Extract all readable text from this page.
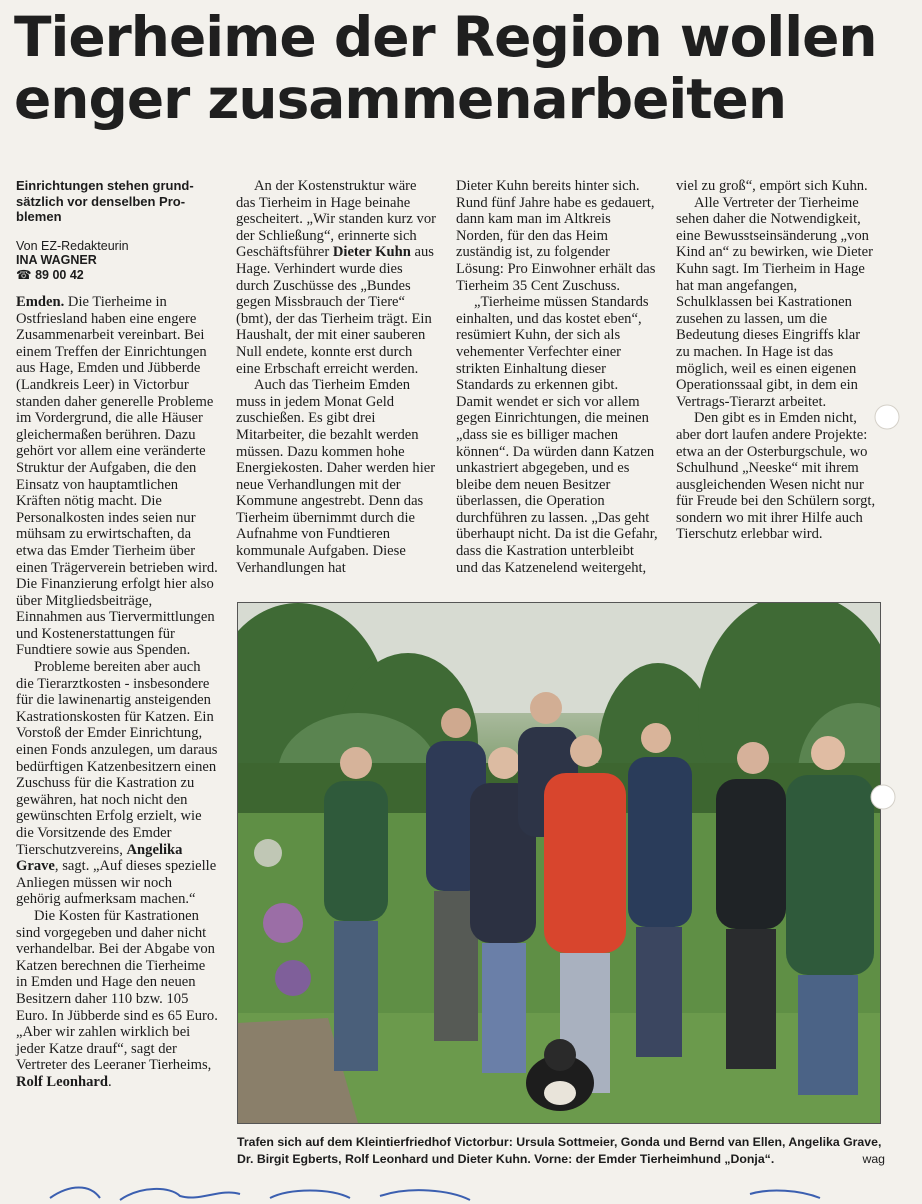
Tierheime der Region wollen
enger zusammenarbeiten
Einrichtungen stehen grund-
sätzlich vor denselben Pro-
blemen
Von EZ-Redakteurin
INA WAGNER
☎ 89 00 42

Emden. Die Tierheime in Ostfriesland haben eine engere Zusammenarbeit vereinbart. Bei einem Treffen der Einrichtungen aus Hage, Emden und Jübberde (Landkreis Leer) in Victorbur standen daher generelle Probleme im Vordergrund, die alle Häuser gleichermaßen berühren. Dazu gehört vor allem eine veränderte Struktur der Aufgaben, die den Einsatz von hauptamtlichen Kräften nötig macht. Die Personalkosten indes seien nur mühsam zu erwirtschaften, da etwa das Emder Tierheim über einen Trägerverein betrieben wird. Die Finanzierung erfolgt hier also über Mitgliedsbeiträge, Einnahmen aus Tiervermittlungen und Kostenerstattungen für Fundtiere sowie aus Spenden.

Probleme bereiten aber auch die Tierarztkosten - insbesondere für die lawinenartig ansteigenden Kastrationskosten für Katzen. Ein Vorstoß der Emder Einrichtung, einen Fonds anzulegen, um daraus bedürftigen Katzenbesitzern einen Zuschuss für die Kastration zu gewähren, hat noch nicht den gewünschten Erfolg erzielt, wie die Vorsitzende des Emder Tierschutzvereins, Angelika Grave, sagt. „Auf dieses spezielle Anliegen müssen wir noch gehörig aufmerksam machen.“

Die Kosten für Kastrationen sind vorgegeben und daher nicht verhandelbar. Bei der Abgabe von Katzen berechnen die Tierheime in Emden und Hage den neuen Besitzern daher 110 bzw. 105 Euro. In Jübberde sind es 65 Euro. „Aber wir zahlen wirklich bei jeder Katze drauf“, sagt der Vertreter des Leeraner Tierheims, Rolf Leonhard.

An der Kostenstruktur wäre das Tierheim in Hage beinahe gescheitert. „Wir standen kurz vor der Schließung“, erinnerte sich Geschäftsführer Dieter Kuhn aus Hage. Verhindert wurde dies durch Zuschüsse des „Bundes gegen Missbrauch der Tiere“ (bmt), der das Tierheim trägt. Ein Haushalt, der mit einer sauberen Null endete, konnte erst durch eine Erbschaft erreicht werden.

Auch das Tierheim Emden muss in jedem Monat Geld zuschießen. Es gibt drei Mitarbeiter, die bezahlt werden müssen. Dazu kommen hohe Energiekosten. Daher werden hier neue Verhandlungen mit der Kommune angestrebt. Denn das Tierheim übernimmt durch die Aufnahme von Fundtieren kommunale Aufgaben. Diese Verhandlungen hat

Dieter Kuhn bereits hinter sich. Rund fünf Jahre habe es gedauert, dann kam man im Altkreis Norden, für den das Heim zuständig ist, zu folgender Lösung: Pro Einwohner erhält das Tierheim 35 Cent Zuschuss.

„Tierheime müssen Standards einhalten, und das kostet eben“, resümiert Kuhn, der sich als vehementer Verfechter einer strikten Einhaltung dieser Standards zu erkennen gibt. Damit wendet er sich vor allem gegen Einrichtungen, die meinen „dass sie es billiger machen können“. Da würden dann Katzen unkastriert abgegeben, und es bleibe dem neuen Besitzer überlassen, die Operation durchführen zu lassen. „Das geht überhaupt nicht. Da ist die Gefahr, dass die Kastration unterbleibt und das Katzenelend weitergeht,

viel zu groß“, empört sich Kuhn.

Alle Vertreter der Tierheime sehen daher die Notwendigkeit, eine Bewusstseinsänderung „von Kind an“ zu bewirken, wie Dieter Kuhn sagt. Im Tierheim in Hage hat man angefangen, Schulklassen bei Kastrationen zusehen zu lassen, um die Bedeutung dieses Eingriffs klar zu machen. In Hage ist das möglich, weil es einen eigenen Operationssaal gibt, in dem ein Vertrags-Tierarzt arbeitet.

Den gibt es in Emden nicht, aber dort laufen andere Projekte: etwa an der Osterburgschule, wo Schulhund „Neeske“ mit ihrem ausgleichenden Wesen nicht nur für Freude bei den Schülern sorgt, sondern wo mit ihrer Hilfe auch Tierschutz erlebbar wird.

Trafen sich auf dem Kleintierfriedhof Victorbur: Ursula Sottmeier, Gonda und Bernd van Ellen, Angelika Grave, Dr. Birgit Egberts, Rolf Leonhard und Dieter Kuhn. Vorne: der Emder Tierheimhund „Donja“.	wag
